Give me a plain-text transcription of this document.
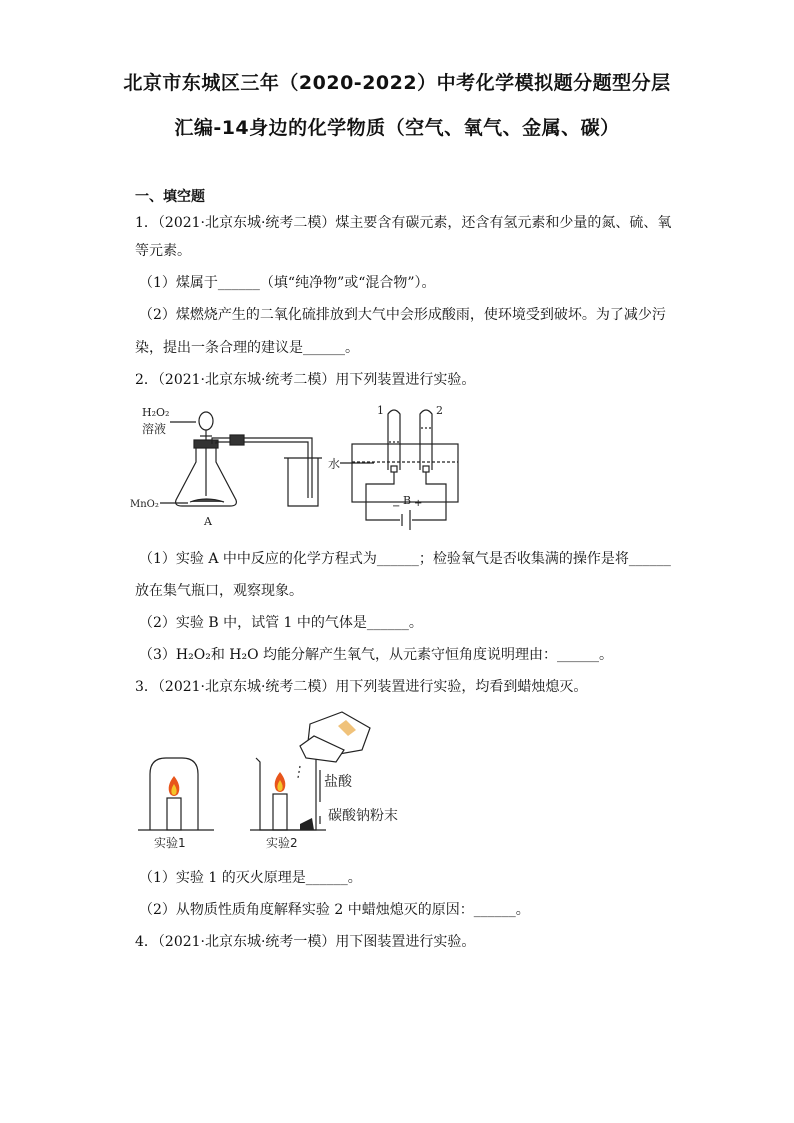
北京市东城区三年（2020-2022）中考化学模拟题分题型分层
汇编-14身边的化学物质（空气、氧气、金属、碳）
一、填空题
1．（2021·北京东城·统考二模）煤主要含有碳元素，还含有氢元素和少量的氮、硫、氧
等元素。
（1）煤属于______（填“纯净物”或“混合物”）。
（2）煤燃烧产生的二氧化硫排放到大气中会形成酸雨，使环境受到破坏。为了减少污
染，提出一条合理的建议是______。
2．（2021·北京东城·统考二模）用下列装置进行实验。
H₂O₂
溶液
MnO₂
A
1	2
水
− +
B
（1）实验 A 中中反应的化学方程式为______；检验氧气是否收集满的操作是将______
放在集气瓶口，观察现象。
（2）实验 B 中，试管 1 中的气体是______。
（3）H₂O₂和 H₂O 均能分解产生氧气，从元素守恒角度说明理由：______。
3．（2021·北京东城·统考二模）用下列装置进行实验，均看到蜡烛熄灭。
实验1
盐酸
碳酸钠粉末
实验2
（1）实验 1 的灭火原理是______。
（2）从物质性质角度解释实验 2 中蜡烛熄灭的原因：______。
4．（2021·北京东城·统考一模）用下图装置进行实验。
